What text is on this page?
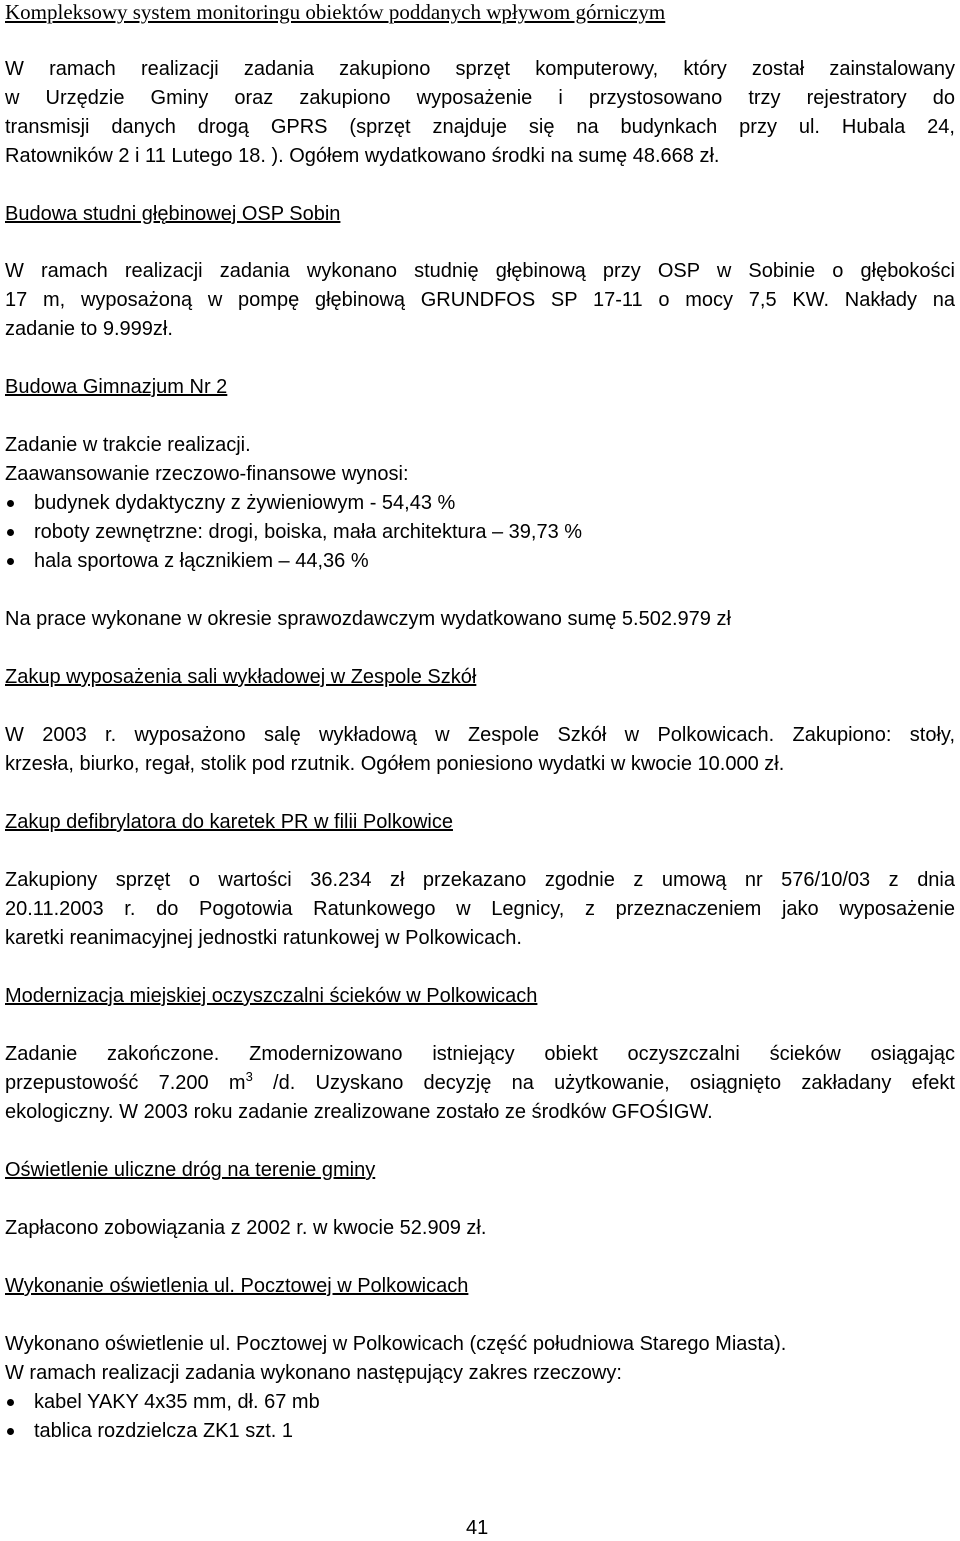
Kompleksowy system monitoringu obiektów poddanych wpływom górniczym
W ramach realizacji zadania zakupiono sprzęt komputerowy, który został zainstalowany
w Urzędzie Gminy oraz zakupiono wyposażenie i przystosowano trzy rejestratory do
transmisji danych drogą GPRS (sprzęt znajduje się na budynkach przy ul. Hubala 24,
Ratowników 2 i 11 Lutego 18. ). Ogółem wydatkowano środki na sumę 48.668 zł.
Budowa studni głębinowej OSP Sobin
W ramach realizacji zadania wykonano studnię głębinową przy OSP w Sobinie o głębokości
17 m, wyposażoną w pompę głębinową GRUNDFOS SP 17-11 o mocy 7,5 KW. Nakłady na
zadanie to 9.999zł.
Budowa Gimnazjum Nr 2
Zadanie w trakcie realizacji.
Zaawansowanie rzeczowo-finansowe wynosi:
budynek dydaktyczny z żywieniowym - 54,43 %
roboty zewnętrzne: drogi, boiska, mała architektura – 39,73 %
hala sportowa z łącznikiem – 44,36 %
Na prace wykonane w okresie sprawozdawczym wydatkowano sumę 5.502.979 zł
Zakup wyposażenia sali wykładowej w Zespole Szkół
W 2003 r. wyposażono salę wykładową w Zespole Szkół w Polkowicach. Zakupiono: stoły,
krzesła, biurko, regał, stolik pod rzutnik. Ogółem poniesiono wydatki w kwocie 10.000 zł.
Zakup defibrylatora do karetek PR w filii Polkowice
Zakupiony sprzęt o wartości 36.234 zł przekazano zgodnie z umową nr 576/10/03 z dnia
20.11.2003 r. do Pogotowia Ratunkowego w Legnicy, z przeznaczeniem jako wyposażenie
karetki reanimacyjnej jednostki ratunkowej w Polkowicach.
Modernizacja miejskiej oczyszczalni ścieków w Polkowicach
Zadanie zakończone. Zmodernizowano istniejący obiekt oczyszczalni ścieków osiągając
przepustowość 7.200 $m^3$ /d. Uzyskano decyzję na użytkowanie, osiągnięto zakładany efekt
ekologiczny. W 2003 roku zadanie zrealizowane zostało ze środków GFOŚIGW.
Oświetlenie uliczne dróg na terenie gminy
Zapłacono zobowiązania z 2002 r. w kwocie 52.909 zł.
Wykonanie oświetlenia ul. Pocztowej w Polkowicach
Wykonano oświetlenie ul. Pocztowej w Polkowicach (część południowa Starego Miasta).
W ramach realizacji zadania wykonano następujący zakres rzeczowy:
kabel YAKY 4x35 mm, dł. 67 mb
tablica rozdzielcza ZK1 szt. 1
41
